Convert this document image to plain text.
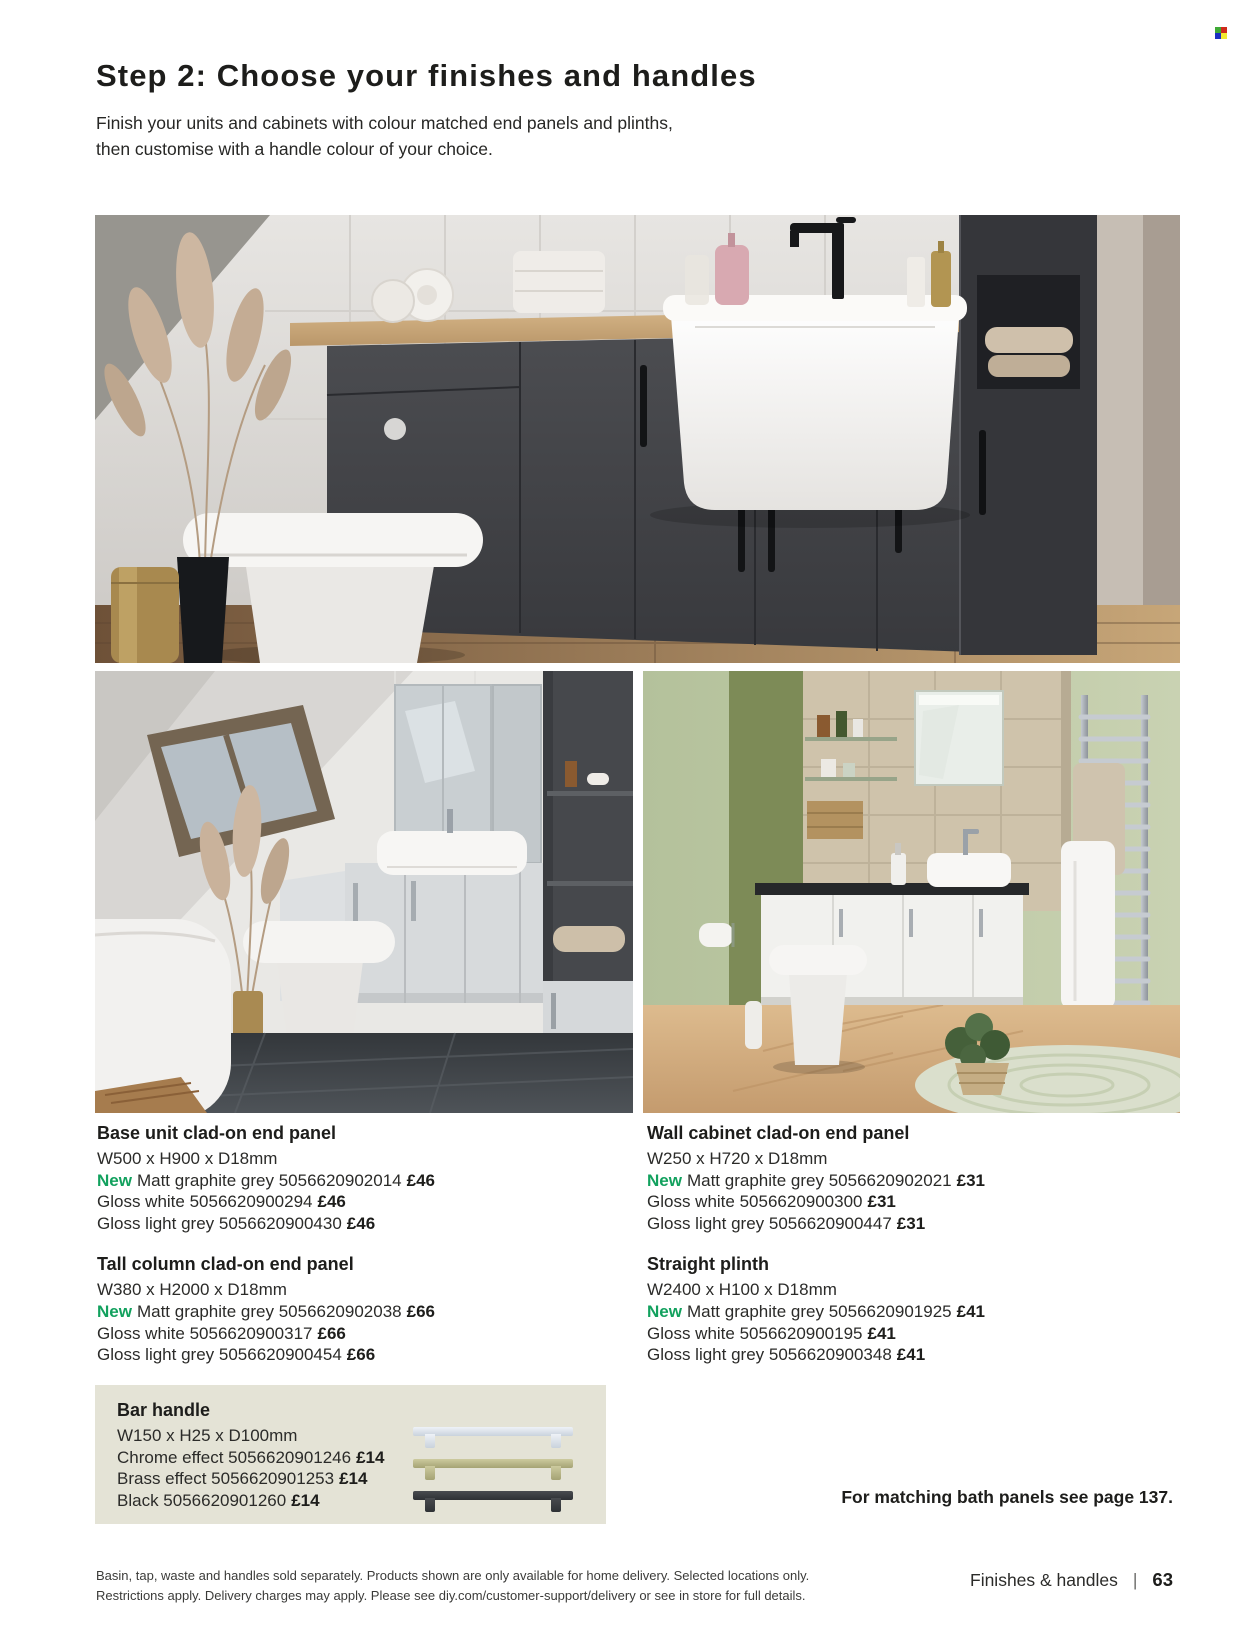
Step 2: Choose your finishes and handles

Finish your units and cabinets with colour matched end panels and plinths,
then customise with a handle colour of your choice.

Base unit clad-on end panel
W500 x H900 x D18mm
New Matt graphite grey 5056620902014 £46
Gloss white 5056620900294 £46
Gloss light grey 5056620900430 £46
Tall column clad-on end panel
W380 x H2000 x D18mm
New Matt graphite grey 5056620902038 £66
Gloss white 5056620900317 £66
Gloss light grey 5056620900454 £66
Wall cabinet clad-on end panel
W250 x H720 x D18mm
New Matt graphite grey 5056620902021 £31
Gloss white 5056620900300 £31
Gloss light grey 5056620900447 £31
Straight plinth
W2400 x H100 x D18mm
New Matt graphite grey 5056620901925 £41
Gloss white 5056620900195 £41
Gloss light grey 5056620900348 £41
Bar handle
W150 x H25 x D100mm
Chrome effect 5056620901246 £14
Brass effect 5056620901253 £14
Black 5056620901260 £14	For matching bath panels see page 137.
Basin, tap, waste and handles sold separately. Products shown are only available for home delivery. Selected locations only.
Restrictions apply. Delivery charges may apply. Please see diy.com/customer-support/delivery or see in store for full details.
Finishes & handles | 63
